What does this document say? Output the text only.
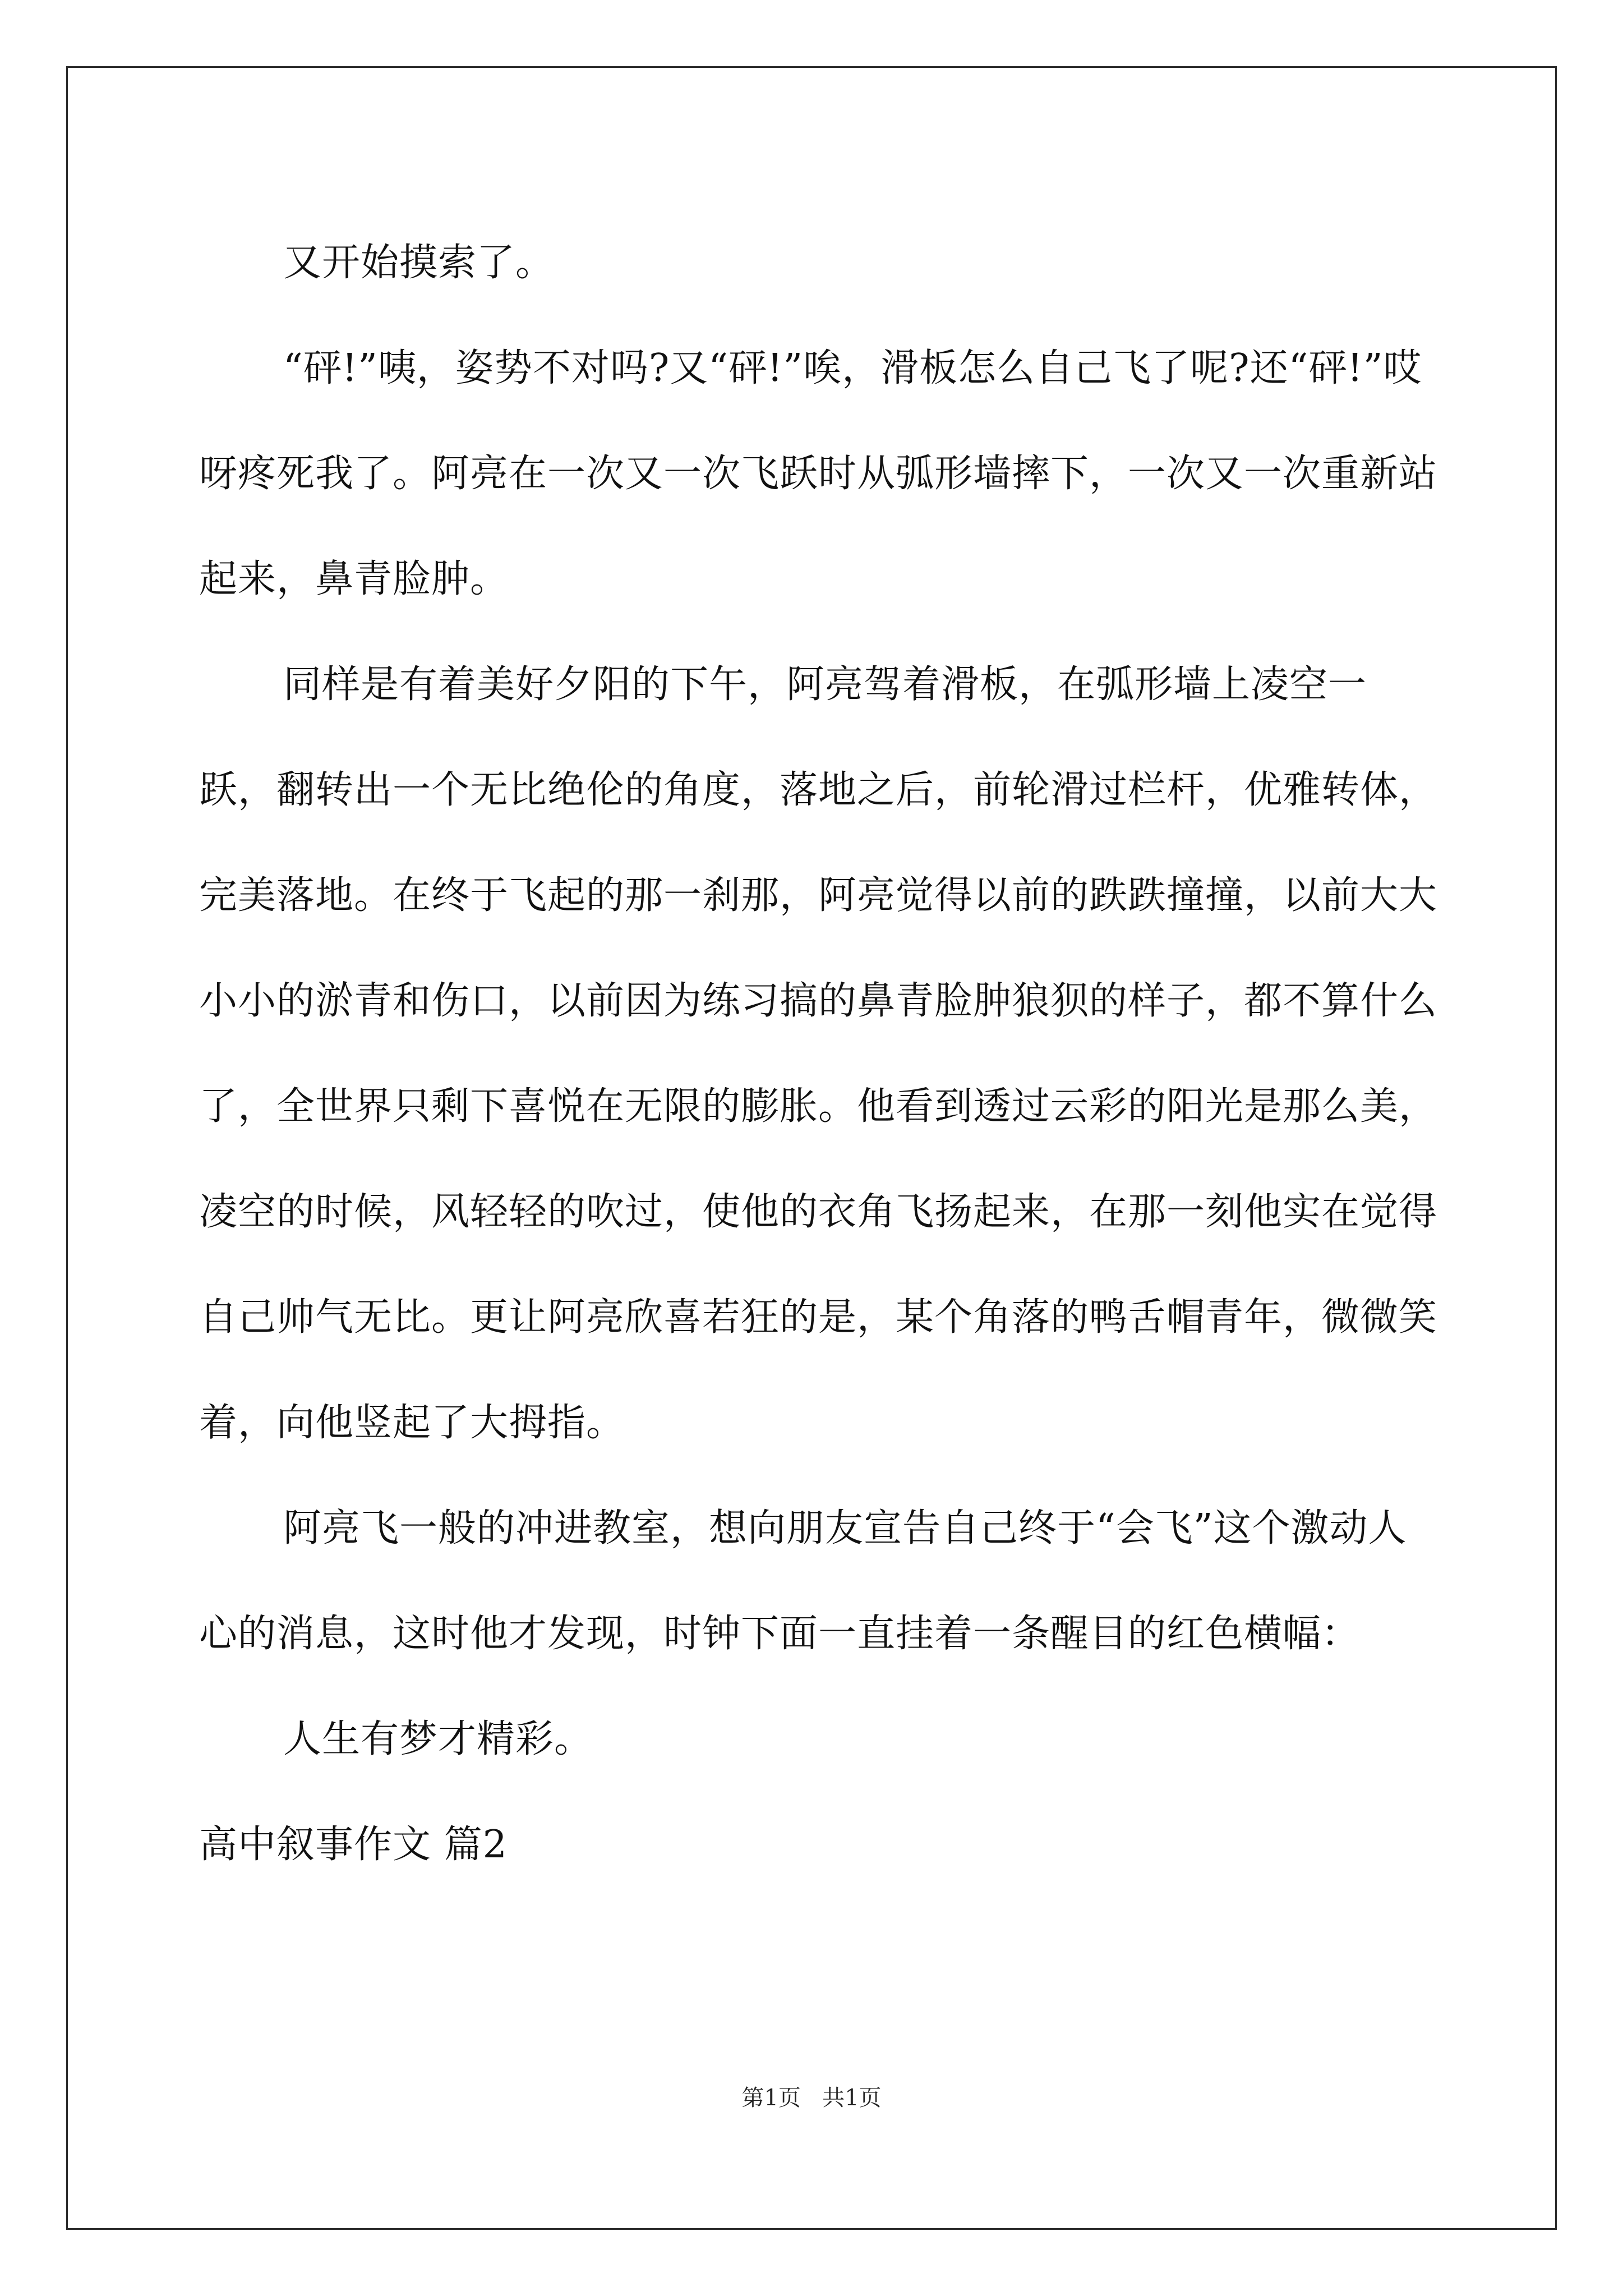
又开始摸索了。

“砰!”咦，姿势不对吗?又“砰!”唉，滑板怎么自己飞了呢?还“砰!”哎呀疼死我了。阿亮在一次又一次飞跃时从弧形墙摔下，一次又一次重新站起来，鼻青脸肿。

同样是有着美好夕阳的下午，阿亮驾着滑板，在弧形墙上凌空一跃，翻转出一个无比绝伦的角度，落地之后，前轮滑过栏杆，优雅转体，完美落地。在终于飞起的那一刹那，阿亮觉得以前的跌跌撞撞，以前大大小小的淤青和伤口，以前因为练习搞的鼻青脸肿狼狈的样子，都不算什么了，全世界只剩下喜悦在无限的膨胀。他看到透过云彩的阳光是那么美，凌空的时候，风轻轻的吹过，使他的衣角飞扬起来，在那一刻他实在觉得自己帅气无比。更让阿亮欣喜若狂的是，某个角落的鸭舌帽青年，微微笑着，向他竖起了大拇指。

阿亮飞一般的冲进教室，想向朋友宣告自己终于“会飞”这个激动人心的消息，这时他才发现，时钟下面一直挂着一条醒目的红色横幅：

人生有梦才精彩。

高中叙事作文 篇2

第1页 共1页
